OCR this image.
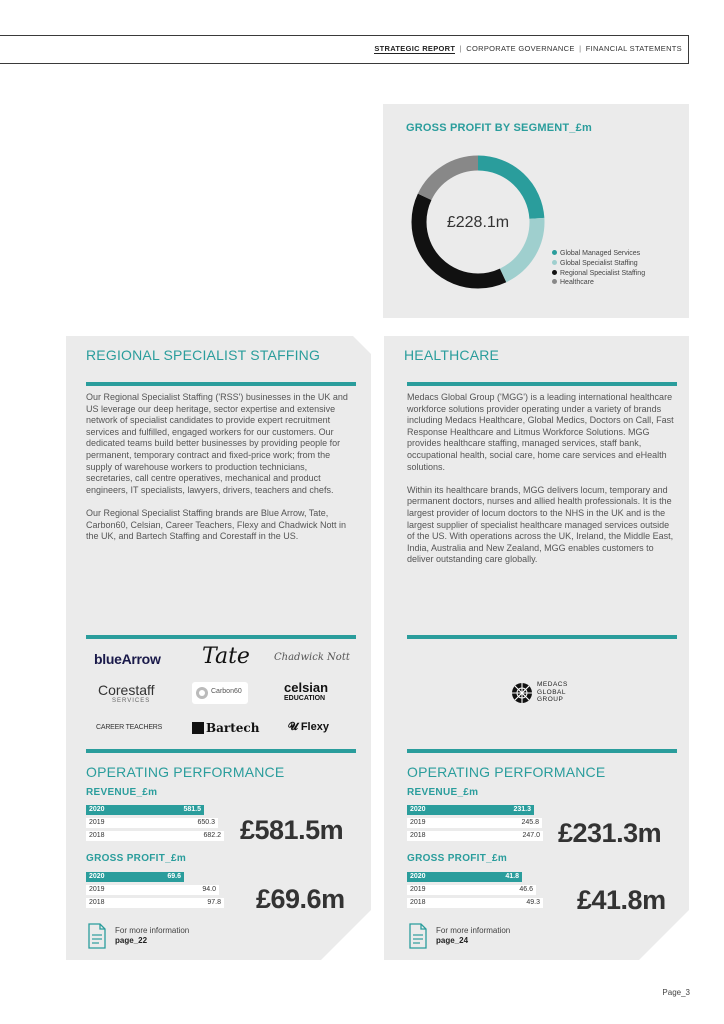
STRATEGIC REPORT | CORPORATE GOVERNANCE | FINANCIAL STATEMENTS
GROSS PROFIT BY SEGMENT_£m
£228.1m
Global Managed Services
Global Specialist Staffing
Regional Specialist Staffing
Healthcare
REGIONAL SPECIALIST STAFFING

Our Regional Specialist Staffing ('RSS') businesses in the UK and US leverage our deep heritage, sector expertise and extensive network of specialist candidates to provide expert recruitment services and fulfilled, engaged workers for our customers. Our dedicated teams build better businesses by providing people for permanent, temporary contract and fixed-price work; from the supply of warehouse workers to production technicians, secretaries, call centre operatives, mechanical and product engineers, IT specialists, lawyers, drivers, teachers and chefs.

Our Regional Specialist Staffing brands are Blue Arrow, Tate, Carbon60, Celsian, Career Teachers, Flexy and Chadwick Nott in the UK, and Bartech Staffing and Corestaff in the US.

blueArrow Tate Chadwick Nott
Corestaff
SERVICES
Carbon60	celsian
EDUCATION
CAREER TEACHERS	Bartech	𝓤 Flexy
OPERATING PERFORMANCE
REVENUE_£m
2020	581.5
2019	650.3
2018	682.2 £581.5m
GROSS PROFIT_£m
2020	69.6
2019	94.0
2018	97.8 £69.6m
For more information
page_22
HEALTHCARE

Medacs Global Group ('MGG') is a leading international healthcare workforce solutions provider operating under a variety of brands including Medacs Healthcare, Global Medics, Doctors on Call, Fast Response Healthcare and Litmus Workforce Solutions. MGG provides healthcare staffing, managed services, staff bank, occupational health, social care, home care services and eHealth solutions.

Within its healthcare brands, MGG delivers locum, temporary and permanent doctors, nurses and allied health professionals. It is the largest provider of locum doctors to the NHS in the UK and is the largest supplier of specialist healthcare managed services outside of the US. With operations across the UK, Ireland, the Middle East, India, Australia and New Zealand, MGG enables customers to deliver outstanding care globally.

MEDACS
GLOBAL
GROUP
OPERATING PERFORMANCE
REVENUE_£m
2020	231.3
2019	245.8
2018	247.0 £231.3m
GROSS PROFIT_£m
2020	41.8
2019	46.6
2018	49.3 £41.8m
For more information
page_24
Page_3
